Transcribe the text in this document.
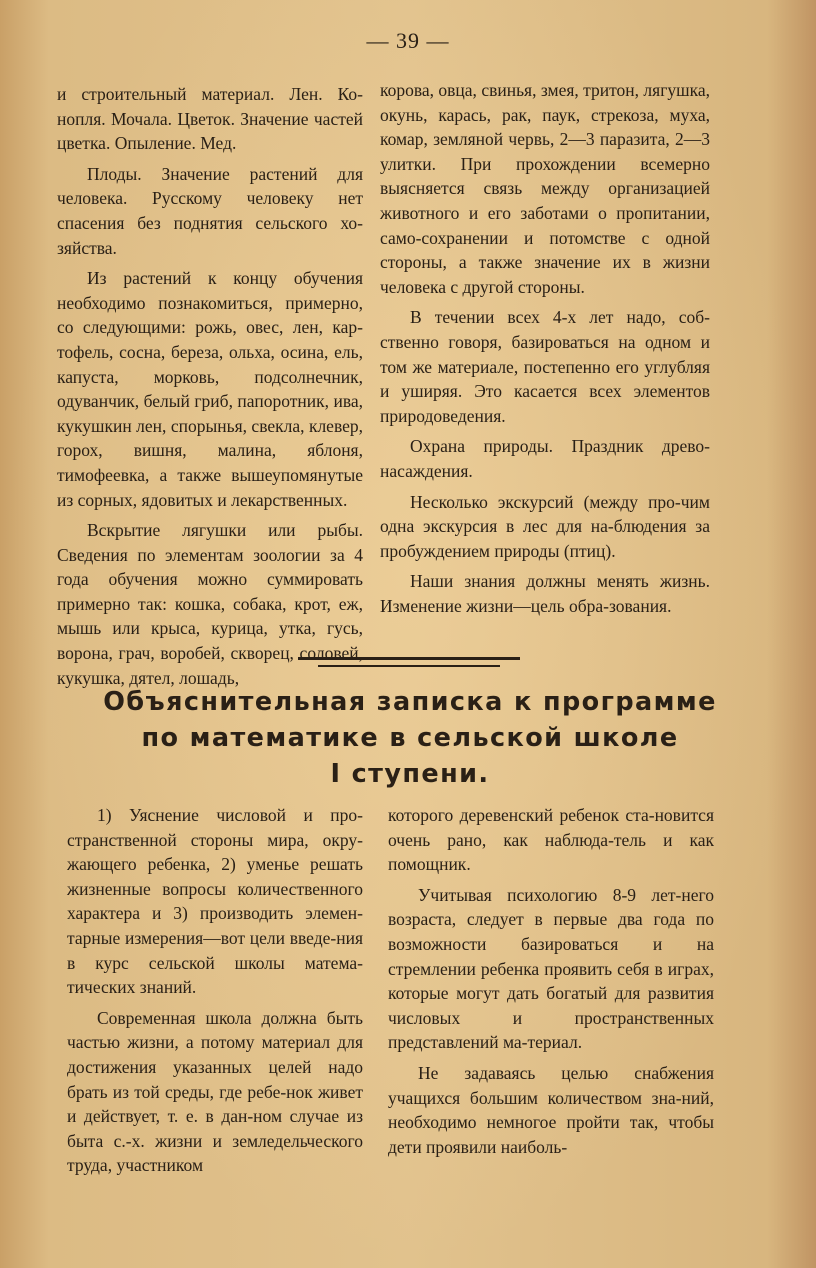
— 39 —

и строительный материал. Лен. Ко-нопля. Мочала. Цветок. Значение частей цветка. Опыление. Мед.

Плоды. Значение растений для человека. Русскому человеку нет спасения без поднятия сельского хо-зяйства.

Из растений к концу обучения необходимо познакомиться, примерно, со следующими: рожь, овес, лен, кар-тофель, сосна, береза, ольха, осина, ель, капуста, морковь, подсолнечник, одуванчик, белый гриб, папоротник, ива, кукушкин лен, спорынья, свекла, клевер, горох, вишня, малина, яблоня, тимофеевка, а также вышеупомянутые из сорных, ядовитых и лекарственных.

Вскрытие лягушки или рыбы. Сведения по элементам зоологии за 4 года обучения можно суммировать примерно так: кошка, собака, крот, еж, мышь или крыса, курица, утка, гусь, ворона, грач, воробей, скворец, соловей, кукушка, дятел, лошадь,

корова, овца, свинья, змея, тритон, лягушка, окунь, карась, рак, паук, стрекоза, муха, комар, земляной червь, 2—3 паразита, 2—3 улитки. При прохождении всемерно выясняется связь между организацией животного и его заботами о пропитании, само-сохранении и потомстве с одной стороны, а также значение их в жизни человека с другой стороны.

В течении всех 4-х лет надо, соб-ственно говоря, базироваться на одном и том же материале, постепенно его углубляя и уширяя. Это касается всех элементов природоведения.

Охрана природы. Праздник древо-насаждения.

Несколько экскурсий (между про-чим одна экскурсия в лес для на-блюдения за пробуждением природы (птиц).

Наши знания должны менять жизнь. Изменение жизни—цель обра-зования.

Объяснительная записка к программе
по математике в сельской школе
I ступени.

1) Уяснение числовой и про-странственной стороны мира, окру-жающего ребенка, 2) уменье решать жизненные вопросы количественного характера и 3) производить элемен-тарные измерения—вот цели введе-ния в курс сельской школы матема-тических знаний.

Современная школа должна быть частью жизни, а потому материал для достижения указанных целей надо брать из той среды, где ребе-нок живет и действует, т. е. в дан-ном случае из быта с.-х. жизни и земледельческого труда, участником

которого деревенский ребенок ста-новится очень рано, как наблюда-тель и как помощник.

Учитывая психологию 8-9 лет-него возраста, следует в первые два года по возможности базироваться и на стремлении ребенка проявить себя в играх, которые могут дать богатый для развития числовых и пространственных представлений ма-териал.

Не задаваясь целью снабжения учащихся большим количеством зна-ний, необходимо немногое пройти так, чтобы дети проявили наиболь-
